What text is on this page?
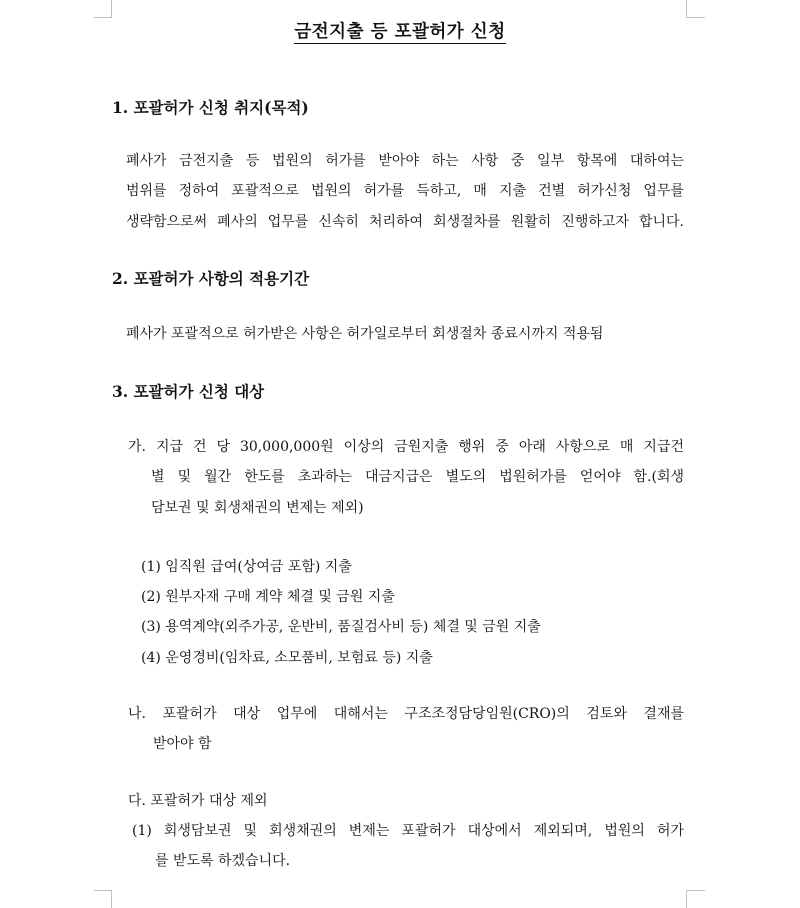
금전지출 등 포괄허가 신청
1. 포괄허가 신청 취지(목적)
폐사가 금전지출 등 법원의 허가를 받아야 하는 사항 중 일부 항목에 대하여는
범위를 정하여 포괄적으로 법원의 허가를 득하고, 매 지출 건별 허가신청 업무를
생략함으로써 폐사의 업무를 신속히 처리하여 회생절차를 원활히 진행하고자 합니다.
2. 포괄허가 사항의 적용기간
폐사가 포괄적으로 허가받은 사항은 허가일로부터 회생절차 종료시까지 적용됨
3. 포괄허가 신청 대상
가. 지급 건 당 30,000,000원 이상의 금원지출 행위 중 아래 사항으로 매 지급건
별 및 월간 한도를 초과하는 대금지급은 별도의 법원허가를 얻어야 함.(회생
담보권 및 회생채권의 변제는 제외)
(1) 임직원 급여(상여금 포함) 지출
(2) 원부자재 구매 계약 체결 및 금원 지출
(3) 용역계약(외주가공, 운반비, 품질검사비 등) 체결 및 금원 지출
(4) 운영경비(임차료, 소모품비, 보험료 등) 지출
나. 포괄허가 대상 업무에 대해서는 구조조정담당임원(CRO)의 검토와 결재를
받아야 함
다. 포괄허가 대상 제외
(1) 회생담보권 및 회생채권의 변제는 포괄허가 대상에서 제외되며, 법원의 허가
를 받도록 하겠습니다.
